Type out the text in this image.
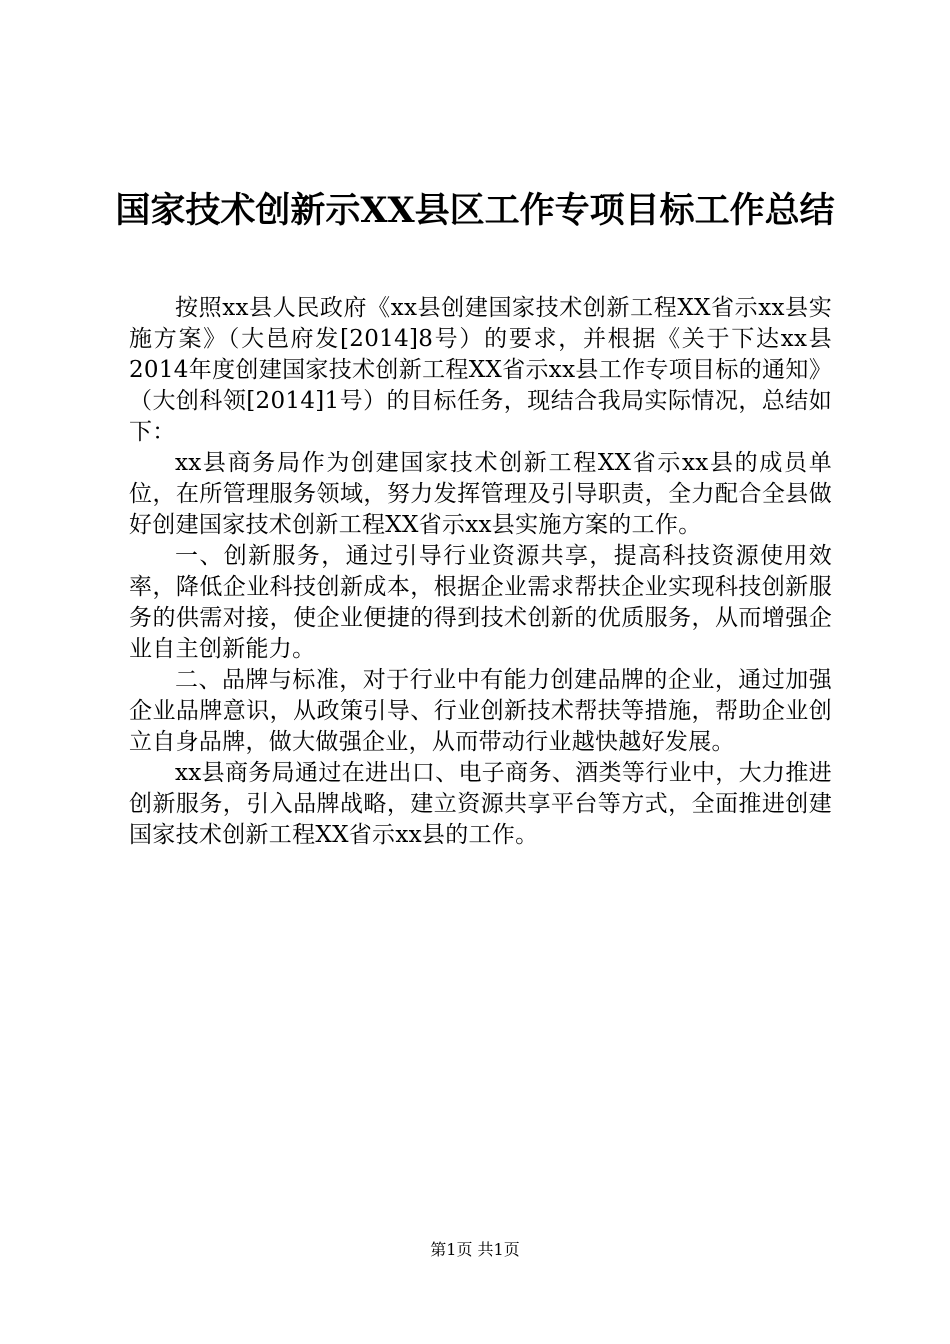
国家技术创新示XX县区工作专项目标工作总结

按照xx县人民政府《xx县创建国家技术创新工程XX省示xx县实施方案》（大邑府发[2014]8号）的要求，并根据《关于下达xx县2014年度创建国家技术创新工程XX省示xx县工作专项目标的通知》（大创科领[2014]1号）的目标任务，现结合我局实际情况，总结如下：

xx县商务局作为创建国家技术创新工程XX省示xx县的成员单位，在所管理服务领域，努力发挥管理及引导职责，全力配合全县做好创建国家技术创新工程XX省示xx县实施方案的工作。

一、创新服务，通过引导行业资源共享，提高科技资源使用效率，降低企业科技创新成本，根据企业需求帮扶企业实现科技创新服务的供需对接，使企业便捷的得到技术创新的优质服务，从而增强企业自主创新能力。

二、品牌与标准，对于行业中有能力创建品牌的企业，通过加强企业品牌意识，从政策引导、行业创新技术帮扶等措施，帮助企业创立自身品牌，做大做强企业，从而带动行业越快越好发展。

xx县商务局通过在进出口、电子商务、酒类等行业中，大力推进创新服务，引入品牌战略，建立资源共享平台等方式，全面推进创建国家技术创新工程XX省示xx县的工作。

第1页 共1页
